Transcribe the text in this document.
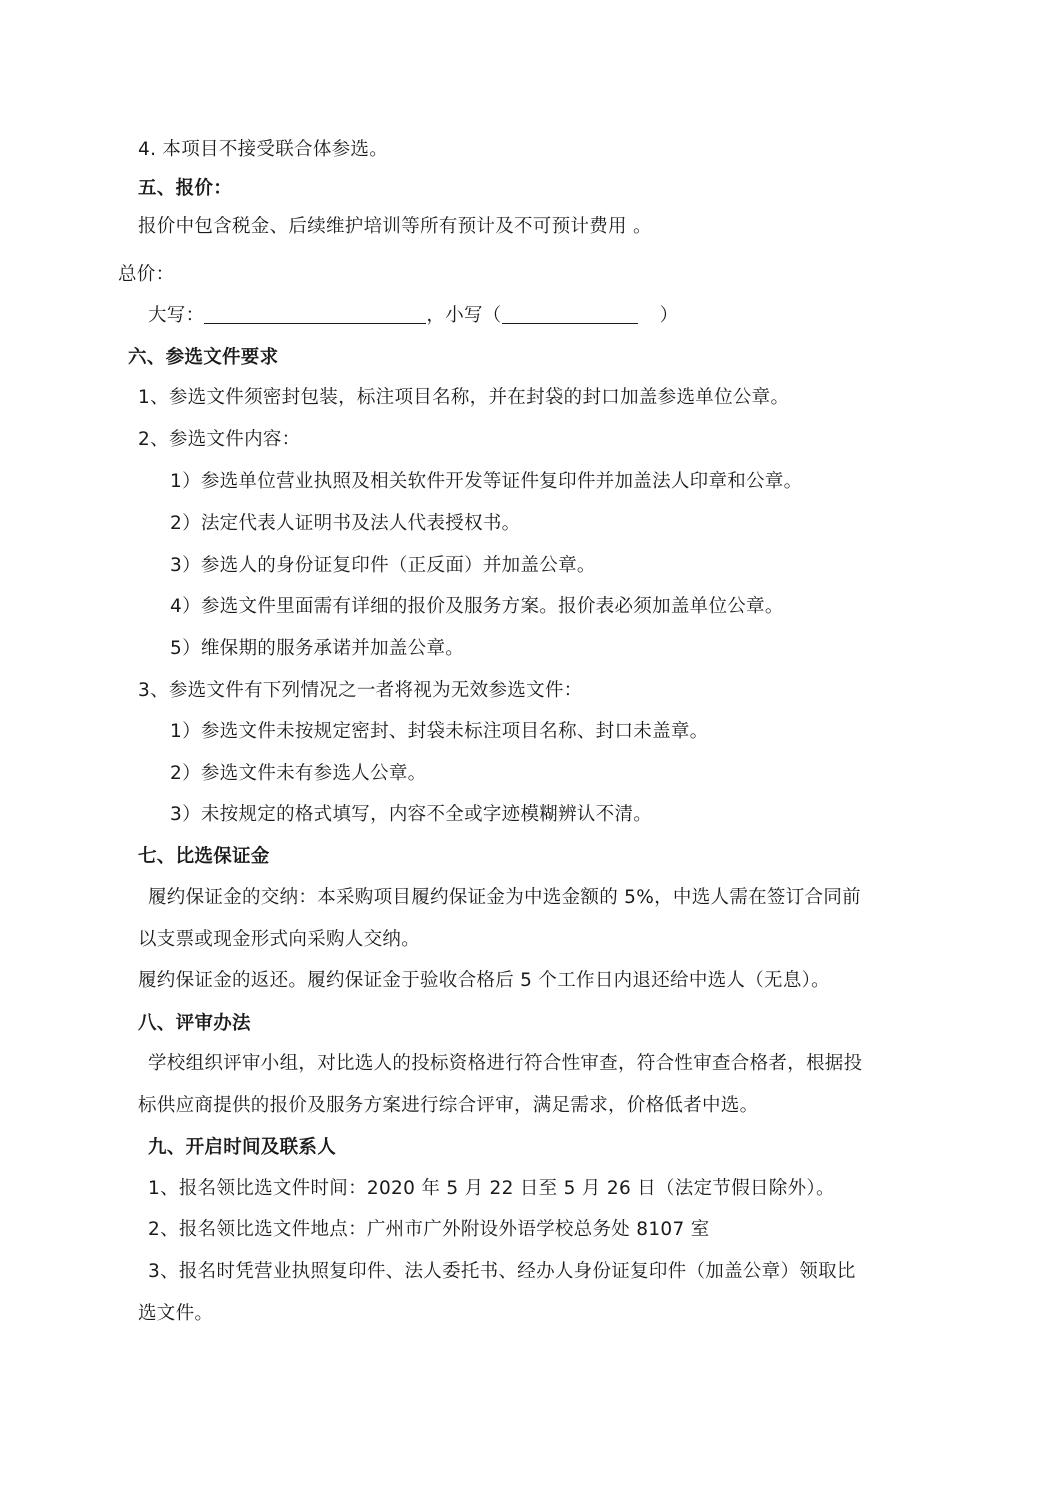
4. 本项目不接受联合体参选。
五、报价：
报价中包含税金、后续维护培训等所有预计及不可预计费用 。
总价：
大写：	，小写（	）
六、参选文件要求
1、参选文件须密封包装，标注项目名称，并在封袋的封口加盖参选单位公章。
2、参选文件内容：
1）参选单位营业执照及相关软件开发等证件复印件并加盖法人印章和公章。
2）法定代表人证明书及法人代表授权书。
3）参选人的身份证复印件（正反面）并加盖公章。
4）参选文件里面需有详细的报价及服务方案。报价表必须加盖单位公章。
5）维保期的服务承诺并加盖公章。
3、参选文件有下列情况之一者将视为无效参选文件：
1）参选文件未按规定密封、封袋未标注项目名称、封口未盖章。
2）参选文件未有参选人公章。
3）未按规定的格式填写，内容不全或字迹模糊辨认不清。
七、比选保证金
履约保证金的交纳：本采购项目履约保证金为中选金额的 5%，中选人需在签订合同前
以支票或现金形式向采购人交纳。
履约保证金的返还。履约保证金于验收合格后 5 个工作日内退还给中选人（无息）。
八、评审办法
学校组织评审小组，对比选人的投标资格进行符合性审查，符合性审查合格者，根据投
标供应商提供的报价及服务方案进行综合评审，满足需求，价格低者中选。
九、开启时间及联系人
1、报名领比选文件时间：2020 年 5 月 22 日至 5 月 26 日（法定节假日除外）。
2、报名领比选文件地点：广州市广外附设外语学校总务处 8107 室
3、报名时凭营业执照复印件、法人委托书、经办人身份证复印件（加盖公章）领取比
选文件。
